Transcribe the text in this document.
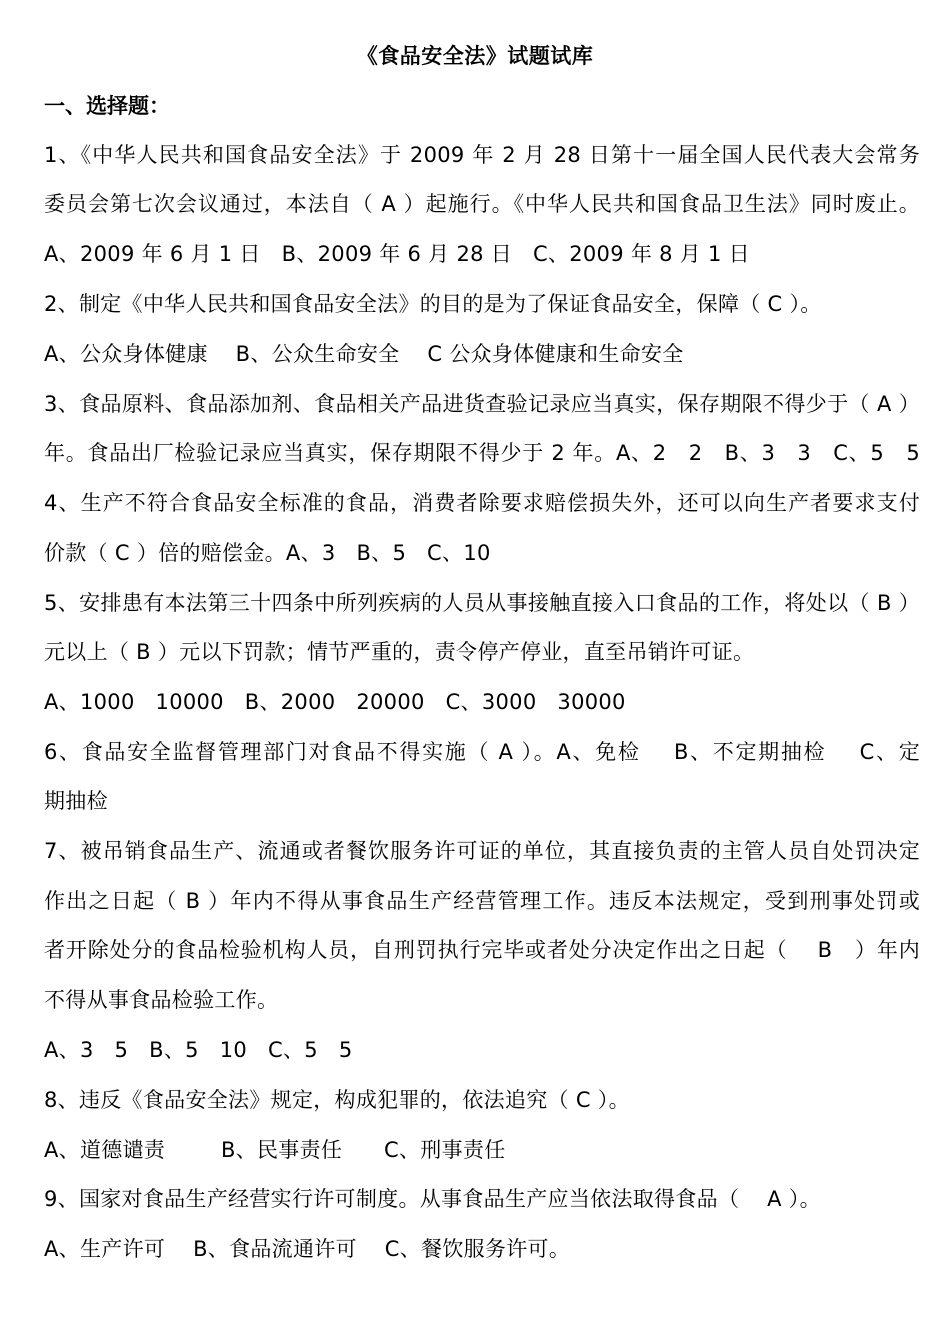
《食品安全法》试题试库
一、选择题：
1、《中华人民共和国食品安全法》于 2009 年 2 月 28 日第十一届全国人民代表大会常务
委员会第七次会议通过，本法自（ A ）起施行。《中华人民共和国食品卫生法》同时废止。
A、2009 年 6 月 1 日   B、2009 年 6 月 28 日   C、2009 年 8 月 1 日
2、制定《中华人民共和国食品安全法》的目的是为了保证食品安全，保障（ C ）。
A、公众身体健康    B、公众生命安全    C 公众身体健康和生命安全
3、食品原料、食品添加剂、食品相关产品进货查验记录应当真实，保存期限不得少于（ A ）
年。食品出厂检验记录应当真实，保存期限不得少于 2 年。A、2   2   B、3   3   C、5   5
4、生产不符合食品安全标准的食品，消费者除要求赔偿损失外，还可以向生产者要求支付
价款（ C ）倍的赔偿金。A、3   B、5   C、10
5、安排患有本法第三十四条中所列疾病的人员从事接触直接入口食品的工作，将处以（ B ）
元以上（ B ）元以下罚款；情节严重的，责令停产停业，直至吊销许可证。
A、1000   10000   B、2000   20000   C、3000   30000
6、食品安全监督管理部门对食品不得实施（ A ）。A、免检    B、不定期抽检    C、定
期抽检
7、被吊销食品生产、流通或者餐饮服务许可证的单位，其直接负责的主管人员自处罚决定
作出之日起（ B ）年内不得从事食品生产经营管理工作。违反本法规定，受到刑事处罚或
者开除处分的食品检验机构人员，自刑罚执行完毕或者处分决定作出之日起（    B   ）年内
不得从事食品检验工作。
A、3   5   B、5   10   C、5   5
8、违反《食品安全法》规定，构成犯罪的，依法追究（ C ）。
A、道德谴责        B、民事责任      C、刑事责任
9、国家对食品生产经营实行许可制度。从事食品生产应当依法取得食品（    A ）。
A、生产许可    B、食品流通许可    C、餐饮服务许可。
